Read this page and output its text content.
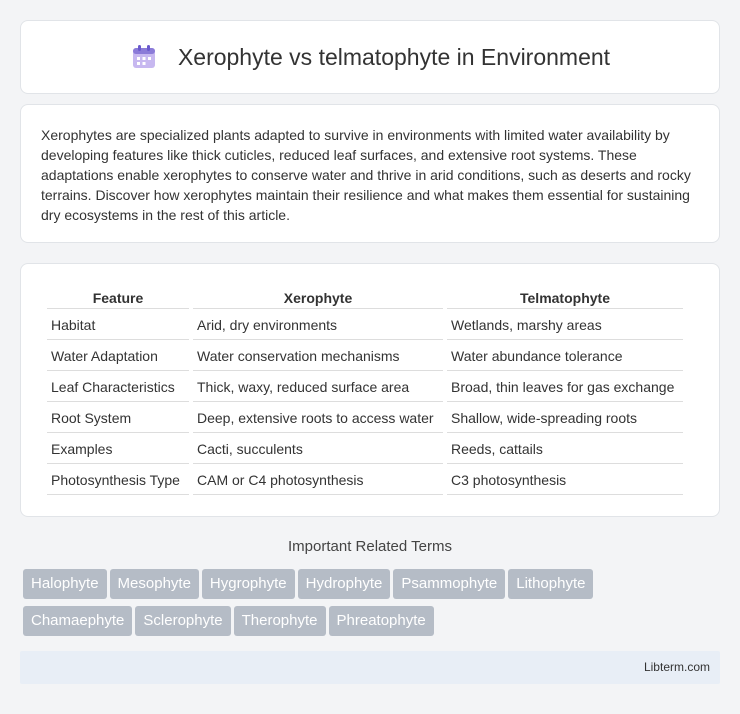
Xerophyte vs telmatophyte in Environment

Xerophytes are specialized plants adapted to survive in environments with limited water availability by developing features like thick cuticles, reduced leaf surfaces, and extensive root systems. These adaptations enable xerophytes to conserve water and thrive in arid conditions, such as deserts and rocky terrains. Discover how xerophytes maintain their resilience and what makes them essential for sustaining dry ecosystems in the rest of this article.

Feature	Xerophyte	Telmatophyte
Habitat	Arid, dry environments	Wetlands, marshy areas
Water Adaptation	Water conservation mechanisms	Water abundance tolerance
Leaf Characteristics	Thick, waxy, reduced surface area	Broad, thin leaves for gas exchange
Root System	Deep, extensive roots to access water	Shallow, wide-spreading roots
Examples	Cacti, succulents	Reeds, cattails
Photosynthesis Type	CAM or C4 photosynthesis	C3 photosynthesis
Important Related Terms
Halophyte Mesophyte Hygrophyte Hydrophyte Psammophyte Lithophyte
Chamaephyte Sclerophyte Therophyte Phreatophyte
Libterm.com
